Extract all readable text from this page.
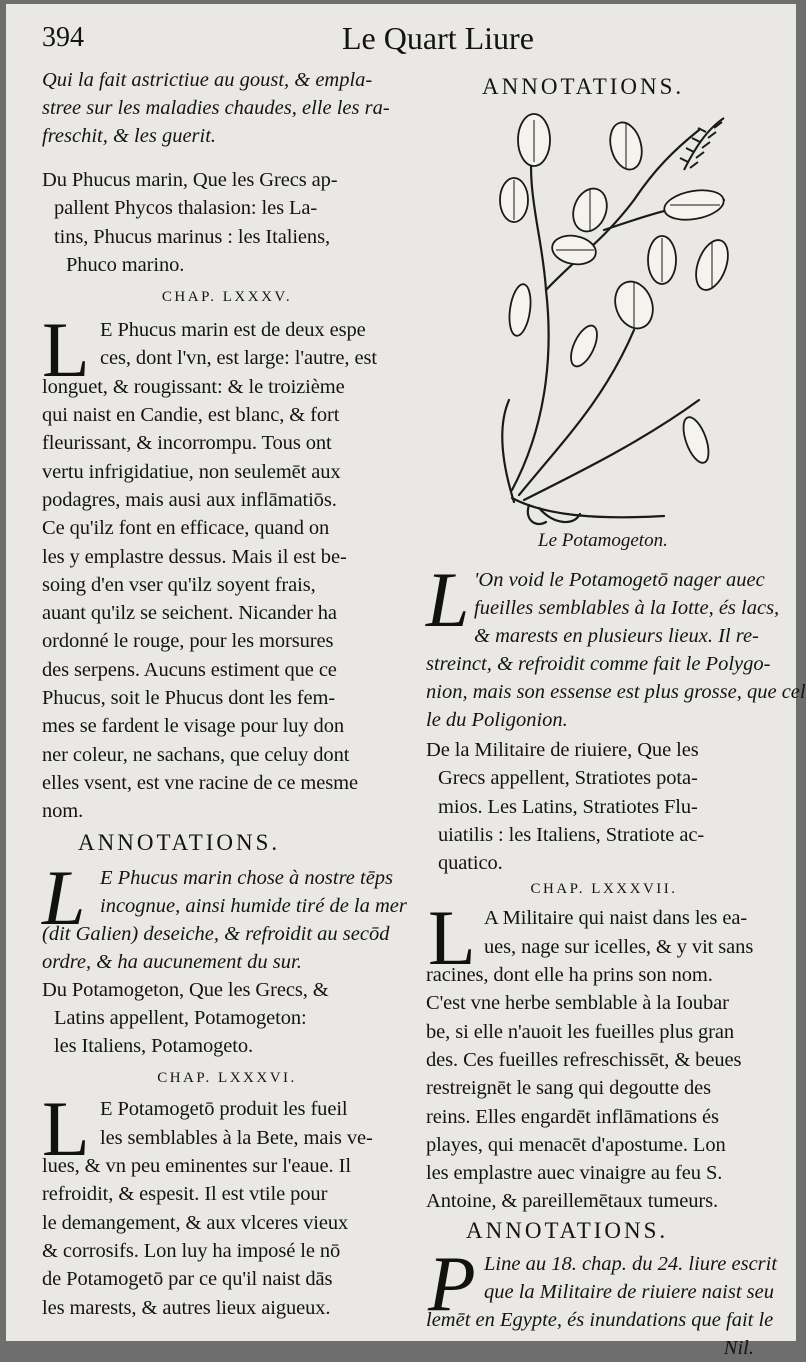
394	Le Quart Liure
Qui la fait astrictiue au goust, & empla-
stree sur les maladies chaudes, elle les ra-
freschit, & les guerit.
Du Phucus marin, Que les Grecs ap-
pallent Phycos thalasion: les La-
tins, Phucus marinus : les Italiens,
Phuco marino.
CHAP. LXXXV.
L E Phucus marin est de deux espe
ces, dont l'vn, est large: l'autre, est
longuet, & rougissant: & le troizième
qui naist en Candie, est blanc, & fort
fleurissant, & incorrompu. Tous ont
vertu infrigidatiue, non seulemēt aux
podagres, mais ausi aux inflāmatiōs.
Ce qu'ilz font en efficace, quand on
les y emplastre dessus. Mais il est be-
soing d'en vser qu'ilz soyent frais,
auant qu'ilz se seichent. Nicander ha
ordonné le rouge, pour les morsures
des serpens. Aucuns estiment que ce
Phucus, soit le Phucus dont les fem-
mes se fardent le visage pour luy don
ner coleur, ne sachans, que celuy dont
elles vsent, est vne racine de ce mesme
nom.
ANNOTATIONS.
L E Phucus marin chose à nostre tēps
incognue, ainsi humide tiré de la mer
(dit Galien) deseiche, & refroidit au secōd
ordre, & ha aucunement du sur.
Du Potamogeton, Que les Grecs, &
Latins appellent, Potamogeton:
les Italiens, Potamogeto.
CHAP. LXXXVI.
L E Potamogetō produit les fueil
les semblables à la Bete, mais ve-
lues, & vn peu eminentes sur l'eaue. Il
refroidit, & espesit. Il est vtile pour
le demangement, & aux vlceres vieux
& corrosifs. Lon luy ha imposé le nō
de Potamogetō par ce qu'il naist dās
les marests, & autres lieux aigueux.
ANNOTATIONS.
Le Potamogeton.
L 'On void le Potamogetō nager auec
fueilles semblables à la Iotte, és lacs,
& marests en plusieurs lieux. Il re-
streinct, & refroidit comme fait le Polygo-
nion, mais son essense est plus grosse, que cel
le du Poligonion.
De la Militaire de riuiere, Que les
Grecs appellent, Stratiotes pota-
mios. Les Latins, Stratiotes Flu-
uiatilis : les Italiens, Stratiote ac-
quatico.
CHAP. LXXXVII.
L A Militaire qui naist dans les ea-
ues, nage sur icelles, & y vit sans
racines, dont elle ha prins son nom.
C'est vne herbe semblable à la Ioubar
be, si elle n'auoit les fueilles plus gran
des. Ces fueilles refreschissēt, & beues
restreignēt le sang qui degoutte des
reins. Elles engardēt inflāmations és
playes, qui menacēt d'apostume. Lon
les emplastre auec vinaigre au feu S.
Antoine, & pareillemētaux tumeurs.
ANNOTATIONS.
P Line au 18. chap. du 24. liure escrit
que la Militaire de riuiere naist seu
lemēt en Egypte, és inundations que fait le
Nil.
